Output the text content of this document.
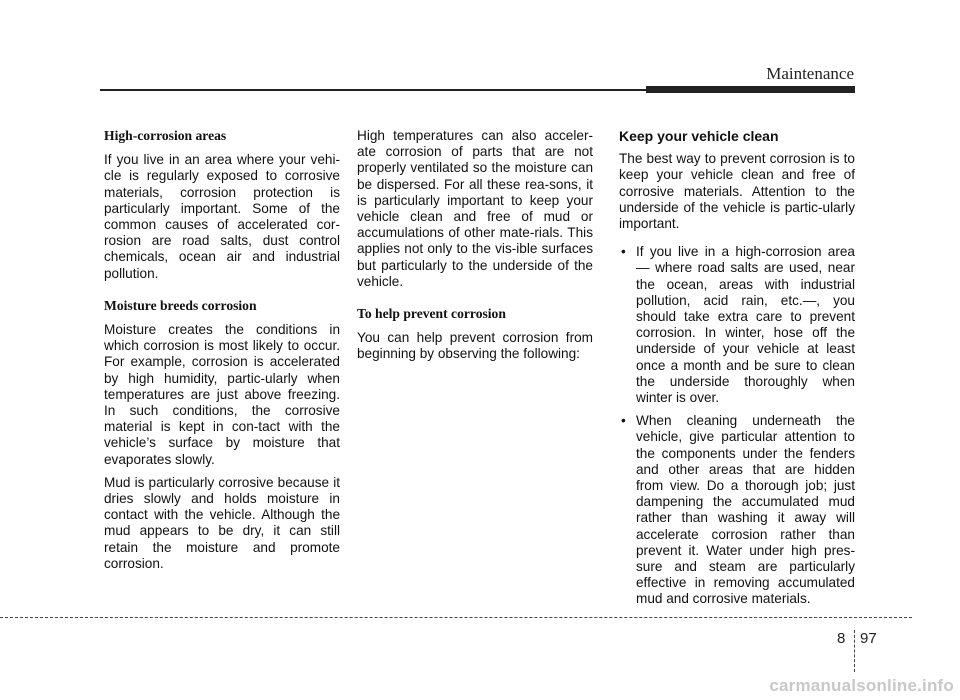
Maintenance
High-corrosion areas

If you live in an area where your vehi-cle is regularly exposed to corrosive materials, corrosion protection is particularly important. Some of the common causes of accelerated cor-rosion are road salts, dust control chemicals, ocean air and industrial pollution.

Moisture breeds corrosion

Moisture creates the conditions in which corrosion is most likely to occur. For example, corrosion is accelerated by high humidity, partic-ularly when temperatures are just above freezing. In such conditions, the corrosive material is kept in con-tact with the vehicle’s surface by moisture that evaporates slowly.

Mud is particularly corrosive because it dries slowly and holds moisture in contact with the vehicle. Although the mud appears to be dry, it can still retain the moisture and promote corrosion.

High temperatures can also acceler-ate corrosion of parts that are not properly ventilated so the moisture can be dispersed. For all these rea-sons, it is particularly important to keep your vehicle clean and free of mud or accumulations of other mate-rials. This applies not only to the vis-ible surfaces but particularly to the underside of the vehicle.

To help prevent corrosion

You can help prevent corrosion from beginning by observing the following:

Keep your vehicle clean

The best way to prevent corrosion is to keep your vehicle clean and free of corrosive materials. Attention to the underside of the vehicle is partic-ularly important.

• If you live in a high-corrosion area — where road salts are used, near the ocean, areas with industrial pollution, acid rain, etc.—, you should take extra care to prevent corrosion. In winter, hose off the underside of your vehicle at least once a month and be sure to clean the underside thoroughly when winter is over.
• When cleaning underneath the vehicle, give particular attention to the components under the fenders and other areas that are hidden from view. Do a thorough job; just dampening the accumulated mud rather than washing it away will accelerate corrosion rather than prevent it. Water under high pres-sure and steam are particularly effective in removing accumulated mud and corrosive materials.
8 97
carmanualsonline.info
